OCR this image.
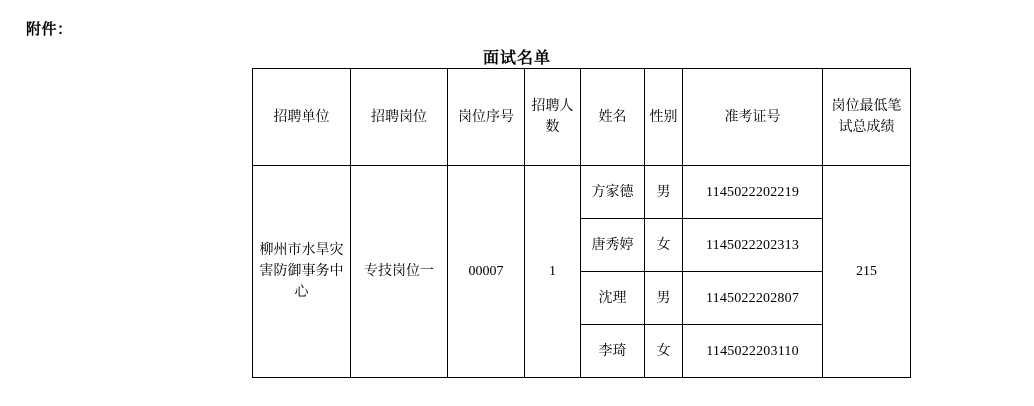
附件：
面试名单
招聘单位	招聘岗位	岗位序号	招聘人数	姓名	性别	准考证号	岗位最低笔试总成绩
柳州市水旱灾害防御事务中心	专技岗位一	00007	1	方家德	男	1145022202219	215
				唐秀婷	女	1145022202313	
				沈理	男	1145022202807	
				李琦	女	1145022203110	
